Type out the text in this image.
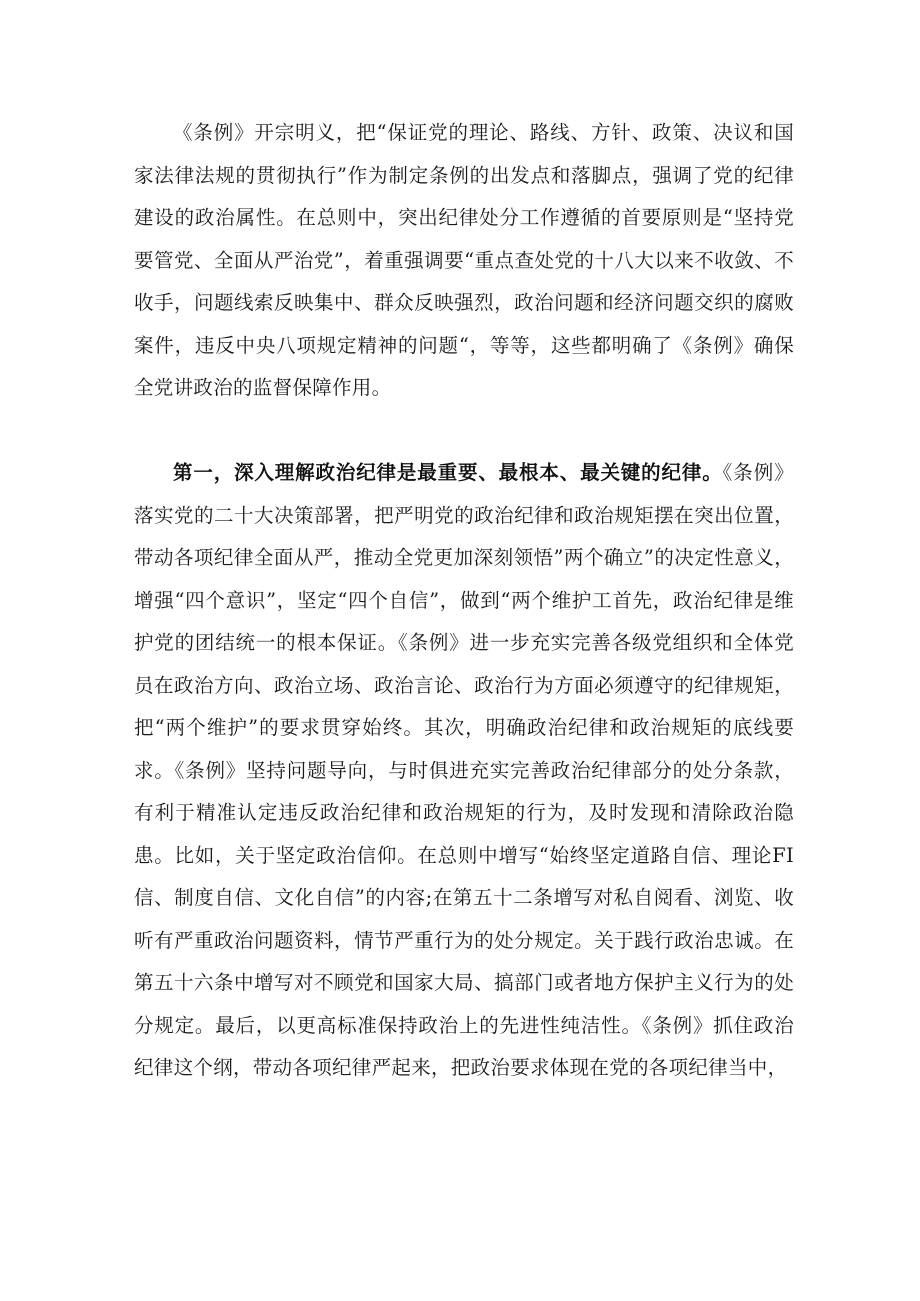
《条例》开宗明义，把“保证党的理论、路线、方针、政策、决议和国家法律法规的贯彻执行”作为制定条例的出发点和落脚点，强调了党的纪律建设的政治属性。在总则中，突出纪律处分工作遵循的首要原则是“坚持党要管党、全面从严治党”，着重强调要“重点查处党的十八大以来不收敛、不收手，问题线索反映集中、群众反映强烈，政治问题和经济问题交织的腐败案件，违反中央八项规定精神的问题“，等等，这些都明确了《条例》确保全党讲政治的监督保障作用。

第一，深入理解政治纪律是最重要、最根本、最关键的纪律。《条例》落实党的二十大决策部署，把严明党的政治纪律和政治规矩摆在突出位置，带动各项纪律全面从严，推动全党更加深刻领悟”两个确立”的决定性意义，增强“四个意识”，坚定“四个自信”，做到“两个维护工首先，政治纪律是维护党的团结统一的根本保证。《条例》进一步充实完善各级党组织和全体党员在政治方向、政治立场、政治言论、政治行为方面必须遵守的纪律规矩，把“两个维护”的要求贯穿始终。其次，明确政治纪律和政治规矩的底线要求。《条例》坚持问题导向，与时俱进充实完善政治纪律部分的处分条款，有利于精准认定违反政治纪律和政治规矩的行为，及时发现和清除政治隐患。比如，关于坚定政治信仰。在总则中增写“始终坚定道路自信、理论FI信、制度自信、文化自信”的内容;在第五十二条增写对私自阅看、浏览、收听有严重政治问题资料，情节严重行为的处分规定。关于践行政治忠诚。在第五十六条中增写对不顾党和国家大局、搞部门或者地方保护主义行为的处分规定。最后，以更高标准保持政治上的先进性纯洁性。《条例》抓住政治纪律这个纲，带动各项纪律严起来，把政治要求体现在党的各项纪律当中，
